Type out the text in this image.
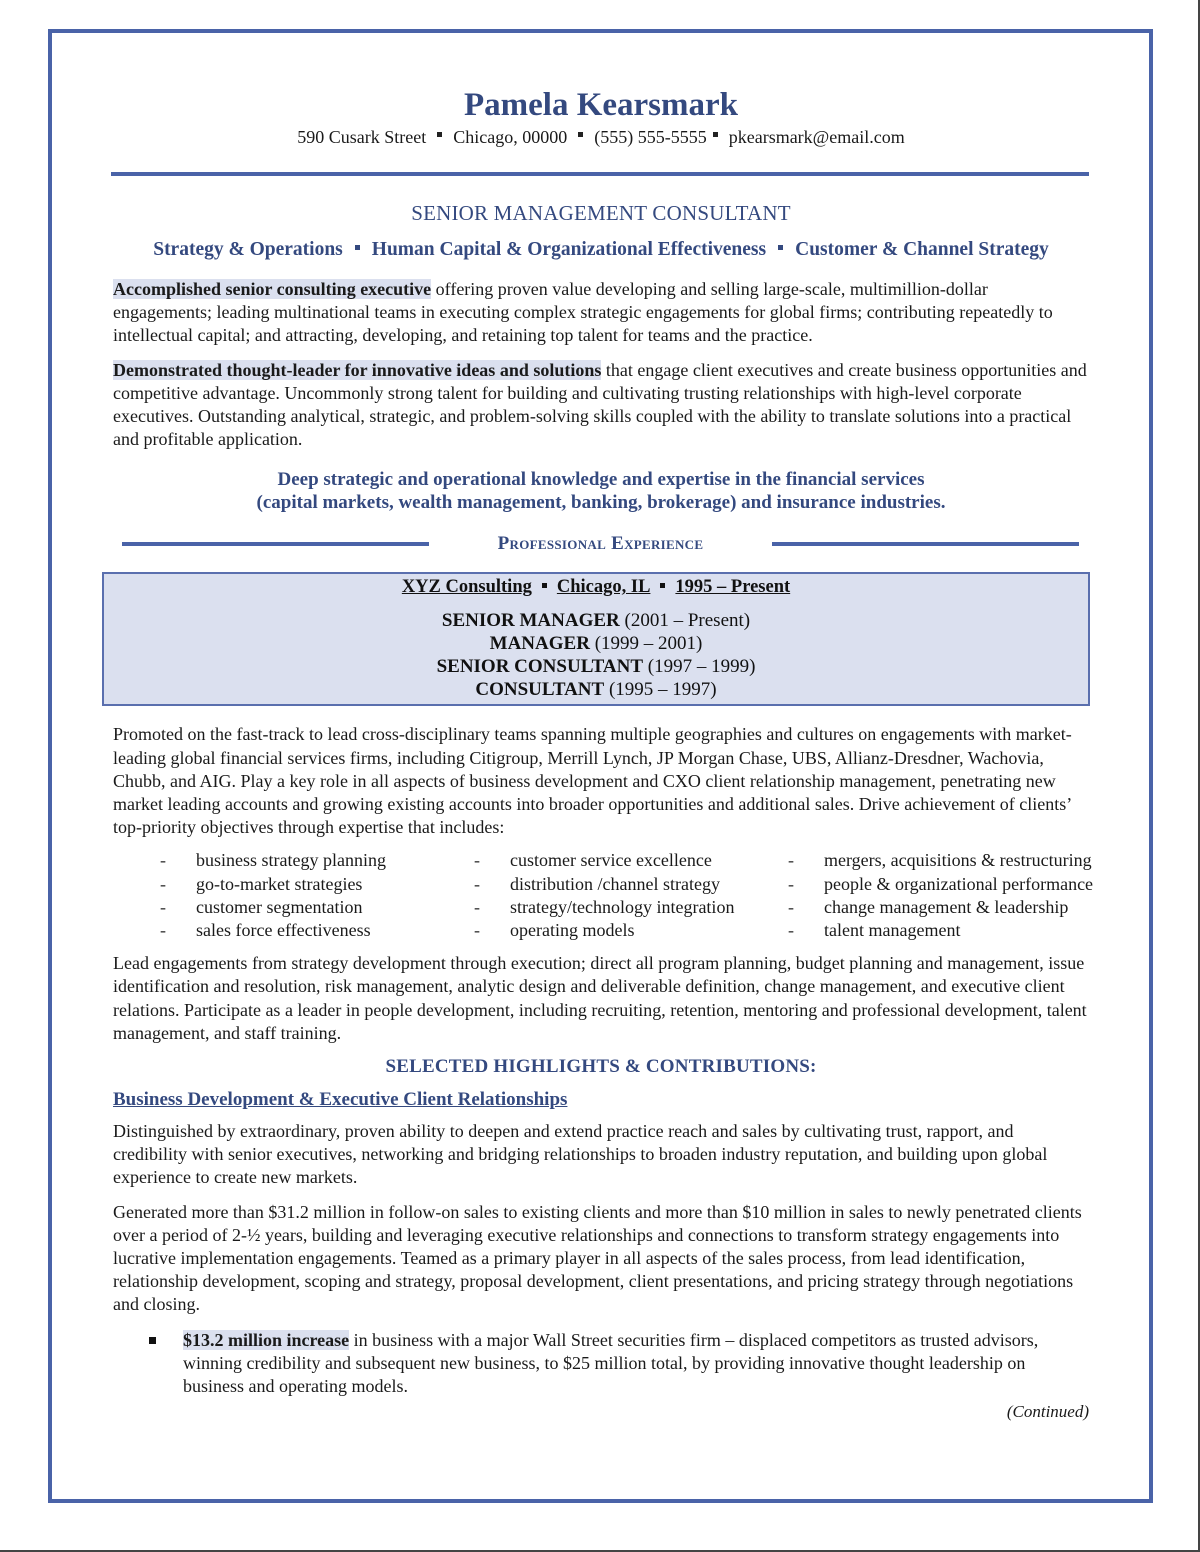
Pamela Kearsmark
590 Cusark Street Chicago, 00000 (555) 555-5555 pkearsmark@email.com
SENIOR MANAGEMENT CONSULTANT
Strategy & Operations Human Capital & Organizational Effectiveness Customer & Channel Strategy

Accomplished senior consulting executive offering proven value developing and selling large-scale, multimillion-dollar engagements; leading multinational teams in executing complex strategic engagements for global firms; contributing repeatedly to intellectual capital; and attracting, developing, and retaining top talent for teams and the practice.

Demonstrated thought-leader for innovative ideas and solutions that engage client executives and create business opportunities and competitive advantage. Uncommonly strong talent for building and cultivating trusting relationships with high-level corporate executives. Outstanding analytical, strategic, and problem-solving skills coupled with the ability to translate solutions into a practical and profitable application.

Deep strategic and operational knowledge and expertise in the financial services
(capital markets, wealth management, banking, brokerage) and insurance industries.
Professional Experience
XYZ Consulting Chicago, IL 1995 – Present
SENIOR MANAGER (2001 – Present)
MANAGER (1999 – 2001)
SENIOR CONSULTANT (1997 – 1999)
CONSULTANT (1995 – 1997)

Promoted on the fast-track to lead cross-disciplinary teams spanning multiple geographies and cultures on engagements with market-leading global financial services firms, including Citigroup, Merrill Lynch, JP Morgan Chase, UBS, Allianz-Dresdner, Wachovia, Chubb, and AIG. Play a key role in all aspects of business development and CXO client relationship management, penetrating new market leading accounts and growing existing accounts into broader opportunities and additional sales. Drive achievement of clients’ top-priority objectives through expertise that includes:

-	business strategy planning	-	customer service excellence	-	mergers, acquisitions & restructuring
-	go-to-market strategies	-	distribution /channel strategy	-	people & organizational performance
-	customer segmentation	-	strategy/technology integration	-	change management & leadership
-	sales force effectiveness	-	operating models	-	talent management

Lead engagements from strategy development through execution; direct all program planning, budget planning and management, issue identification and resolution, risk management, analytic design and deliverable definition, change management, and executive client relations. Participate as a leader in people development, including recruiting, retention, mentoring and professional development, talent management, and staff training.

SELECTED HIGHLIGHTS & CONTRIBUTIONS:
Business Development & Executive Client Relationships

Distinguished by extraordinary, proven ability to deepen and extend practice reach and sales by cultivating trust, rapport, and credibility with senior executives, networking and bridging relationships to broaden industry reputation, and building upon global experience to create new markets.

Generated more than $31.2 million in follow-on sales to existing clients and more than $10 million in sales to newly penetrated clients over a period of 2-½ years, building and leveraging executive relationships and connections to transform strategy engagements into lucrative implementation engagements. Teamed as a primary player in all aspects of the sales process, from lead identification, relationship development, scoping and strategy, proposal development, client presentations, and pricing strategy through negotiations and closing.

$13.2 million increase in business with a major Wall Street securities firm – displaced competitors as trusted advisors, winning credibility and subsequent new business, to $25 million total, by providing innovative thought leadership on business and operating models.

(Continued)
